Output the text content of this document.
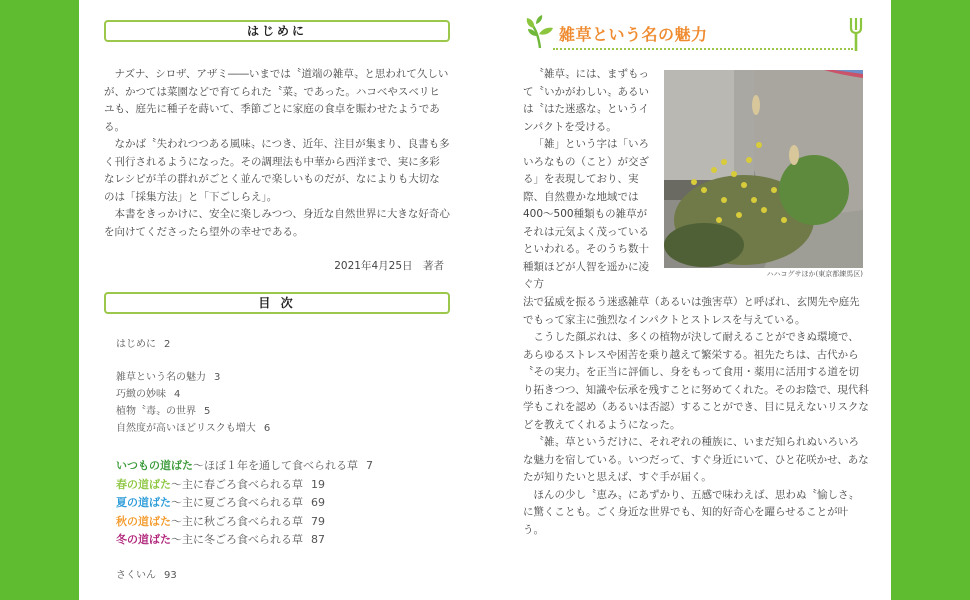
はじめに

ナズナ、シロザ、アザミ――いまでは〝道端の雑草〟と思われて久しいが、かつては菜園などで育てられた〝菜〟であった。ハコベやスベリヒユも、庭先に種子を蒔いて、季節ごとに家庭の食卓を賑わせたようである。

なかば〝失われつつある風味〟につき、近年、注目が集まり、良書も多く刊行されるようになった。その調理法も中華から西洋まで、実に多彩なレシピが羊の群れがごとく並んで楽しいものだが、なによりも大切なのは「採集方法」と「下ごしらえ」。

本書をきっかけに、安全に楽しみつつ、身近な自然世界に大きな好奇心を向けてくださったら望外の幸せである。

2021年4月25日　著者
目 次
はじめに 2
雑草という名の魅力 3
巧緻の妙味 4
植物〝毒〟の世界 5
自然度が高いほどリスクも増大 6
いつもの道ばた〜ほぼ１年を通して食べられる草 7
春の道ばた〜主に春ごろ食べられる草 19
夏の道ばた〜主に夏ごろ食べられる草 69
秋の道ばた〜主に秋ごろ食べられる草 79
冬の道ばた〜主に冬ごろ食べられる草 87
さくいん 93
雑草という名の魅力

〝雑草〟には、まずもって〝いかがわしい〟あるいは〝はた迷惑な〟というインパクトを受ける。

「雑」という字は「いろいろなもの（こと）が交ざる」を表現しており、実際、自然豊かな地域では400〜500種類もの雑草がそれは元気よく茂っているといわれる。そのうち数十種類ほどが人智を遥かに凌ぐ方

ハハコグサほか(東京都練馬区)

法で猛威を振るう迷惑雑草（あるいは強害草）と呼ばれ、玄関先や庭先でもって家主に強烈なインパクトとストレスを与えている。

こうした顔ぶれは、多くの植物が決して耐えることができぬ環境で、あらゆるストレスや困苦を乗り越えて繁栄する。祖先たちは、古代から〝その実力〟を正当に評価し、身をもって食用・薬用に活用する道を切り拓きつつ、知識や伝承を残すことに努めてくれた。そのお陰で、現代科学もこれを認め（あるいは否認）することができ、目に見えないリスクなどを教えてくれるようになった。

〝雑〟草というだけに、それぞれの種族に、いまだ知られぬいろいろな魅力を宿している。いつだって、すぐ身近にいて、ひと花咲かせ、あなたが知りたいと思えば、すぐ手が届く。

ほんの少し〝恵み〟にあずかり、五感で味わえば、思わぬ〝愉しさ〟に驚くことも。ごく身近な世界でも、知的好奇心を躍らせることが叶う。
